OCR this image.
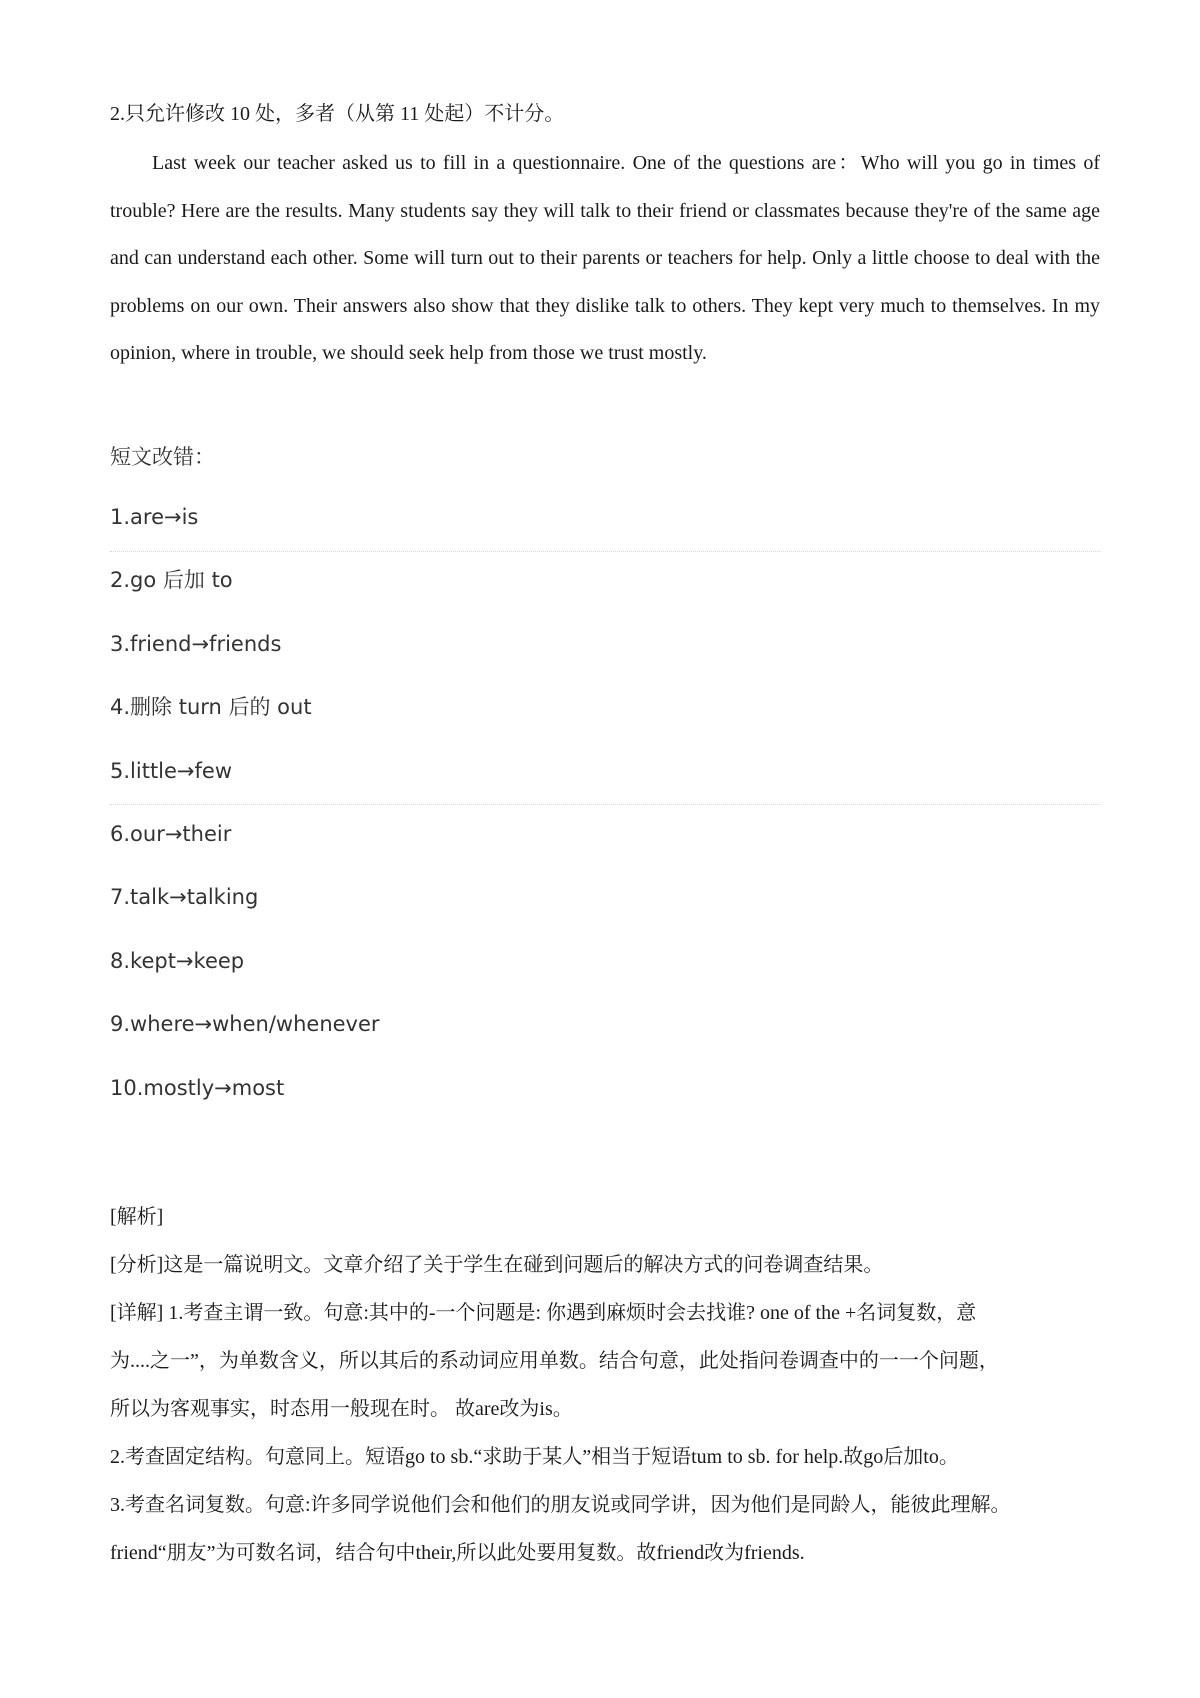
2.只允许修改 10 处，多者（从第 11 处起）不计分。

Last week our teacher asked us to fill in a questionnaire. One of the questions are：Who will you go in times of trouble? Here are the results. Many students say they will talk to their friend or classmates because they're of the same age and can understand each other. Some will turn out to their parents or teachers for help. Only a little choose to deal with the problems on our own. Their answers also show that they dislike talk to others. They kept very much to themselves. In my opinion, where in trouble, we should seek help from those we trust mostly.

短文改错：
1.are→is
2.go 后加 to
3.friend→friends
4.删除 turn 后的 out
5.little→few
6.our→their
7.talk→talking
8.kept→keep
9.where→when/whenever
10.mostly→most

[解析]

[分析]这是一篇说明文。文章介绍了关于学生在碰到问题后的解决方式的问卷调查结果。

[详解] 1.考查主谓一致。句意:其中的-一个问题是: 你遇到麻烦时会去找谁? one of the +名词复数，意

为....之一”，为单数含义，所以其后的系动词应用单数。结合句意，此处指问卷调查中的一一个问题，

所以为客观事实，时态用一般现在时。 故are改为is。

2.考查固定结构。句意同上。短语go to sb.“求助于某人”相当于短语tum to sb. for help.故go后加to。

3.考查名词复数。句意:许多同学说他们会和他们的朋友说或同学讲，因为他们是同龄人，能彼此理解。

friend“朋友”为可数名词，结合句中their,所以此处要用复数。故friend改为friends.
